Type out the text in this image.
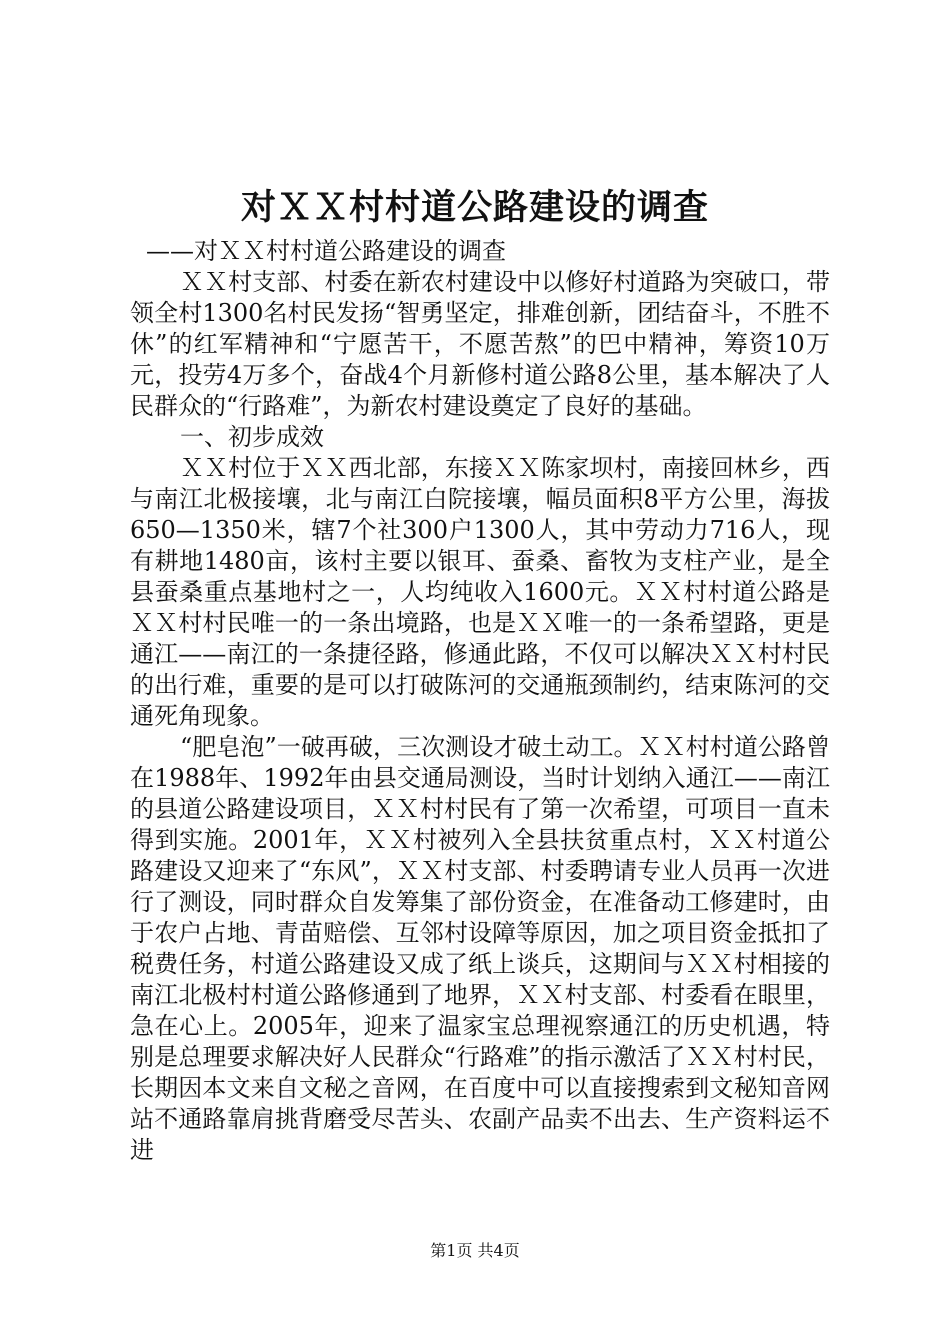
对ＸＸ村村道公路建设的调查
——对ＸＸ村村道公路建设的调查

ＸＸ村支部、村委在新农村建设中以修好村道路为突破口，带领全村1300名村民发扬“智勇坚定，排难创新，团结奋斗，不胜不休”的红军精神和“宁愿苦干，不愿苦熬”的巴中精神，筹资10万元，投劳4万多个，奋战4个月新修村道公路8公里，基本解决了人民群众的“行路难”，为新农村建设奠定了良好的基础。

一、初步成效

ＸＸ村位于ＸＸ西北部，东接ＸＸ陈家坝村，南接回林乡，西与南江北极接壤，北与南江白院接壤，幅员面积8平方公里，海拔650—1350米，辖7个社300户1300人，其中劳动力716人，现有耕地1480亩，该村主要以银耳、蚕桑、畜牧为支柱产业，是全县蚕桑重点基地村之一，人均纯收入1600元。ＸＸ村村道公路是ＸＸ村村民唯一的一条出境路，也是ＸＸ唯一的一条希望路，更是通江——南江的一条捷径路，修通此路，不仅可以解决ＸＸ村村民的出行难，重要的是可以打破陈河的交通瓶颈制约，结束陈河的交通死角现象。

“肥皂泡”一破再破，三次测设才破土动工。ＸＸ村村道公路曾在1988年、1992年由县交通局测设，当时计划纳入通江——南江的县道公路建设项目，ＸＸ村村民有了第一次希望，可项目一直未得到实施。2001年，ＸＸ村被列入全县扶贫重点村，ＸＸ村道公路建设又迎来了“东风”，ＸＸ村支部、村委聘请专业人员再一次进行了测设，同时群众自发筹集了部份资金，在准备动工修建时，由于农户占地、青苗赔偿、互邻村设障等原因，加之项目资金抵扣了税费任务，村道公路建设又成了纸上谈兵，这期间与ＸＸ村相接的南江北极村村道公路修通到了地界，ＸＸ村支部、村委看在眼里，急在心上。2005年，迎来了温家宝总理视察通江的历史机遇，特别是总理要求解决好人民群众“行路难”的指示激活了ＸＸ村村民，长期因本文来自文秘之音网，在百度中可以直接搜索到文秘知音网站不通路靠肩挑背磨受尽苦头、农副产品卖不出去、生产资料运不进

第1页 共4页
